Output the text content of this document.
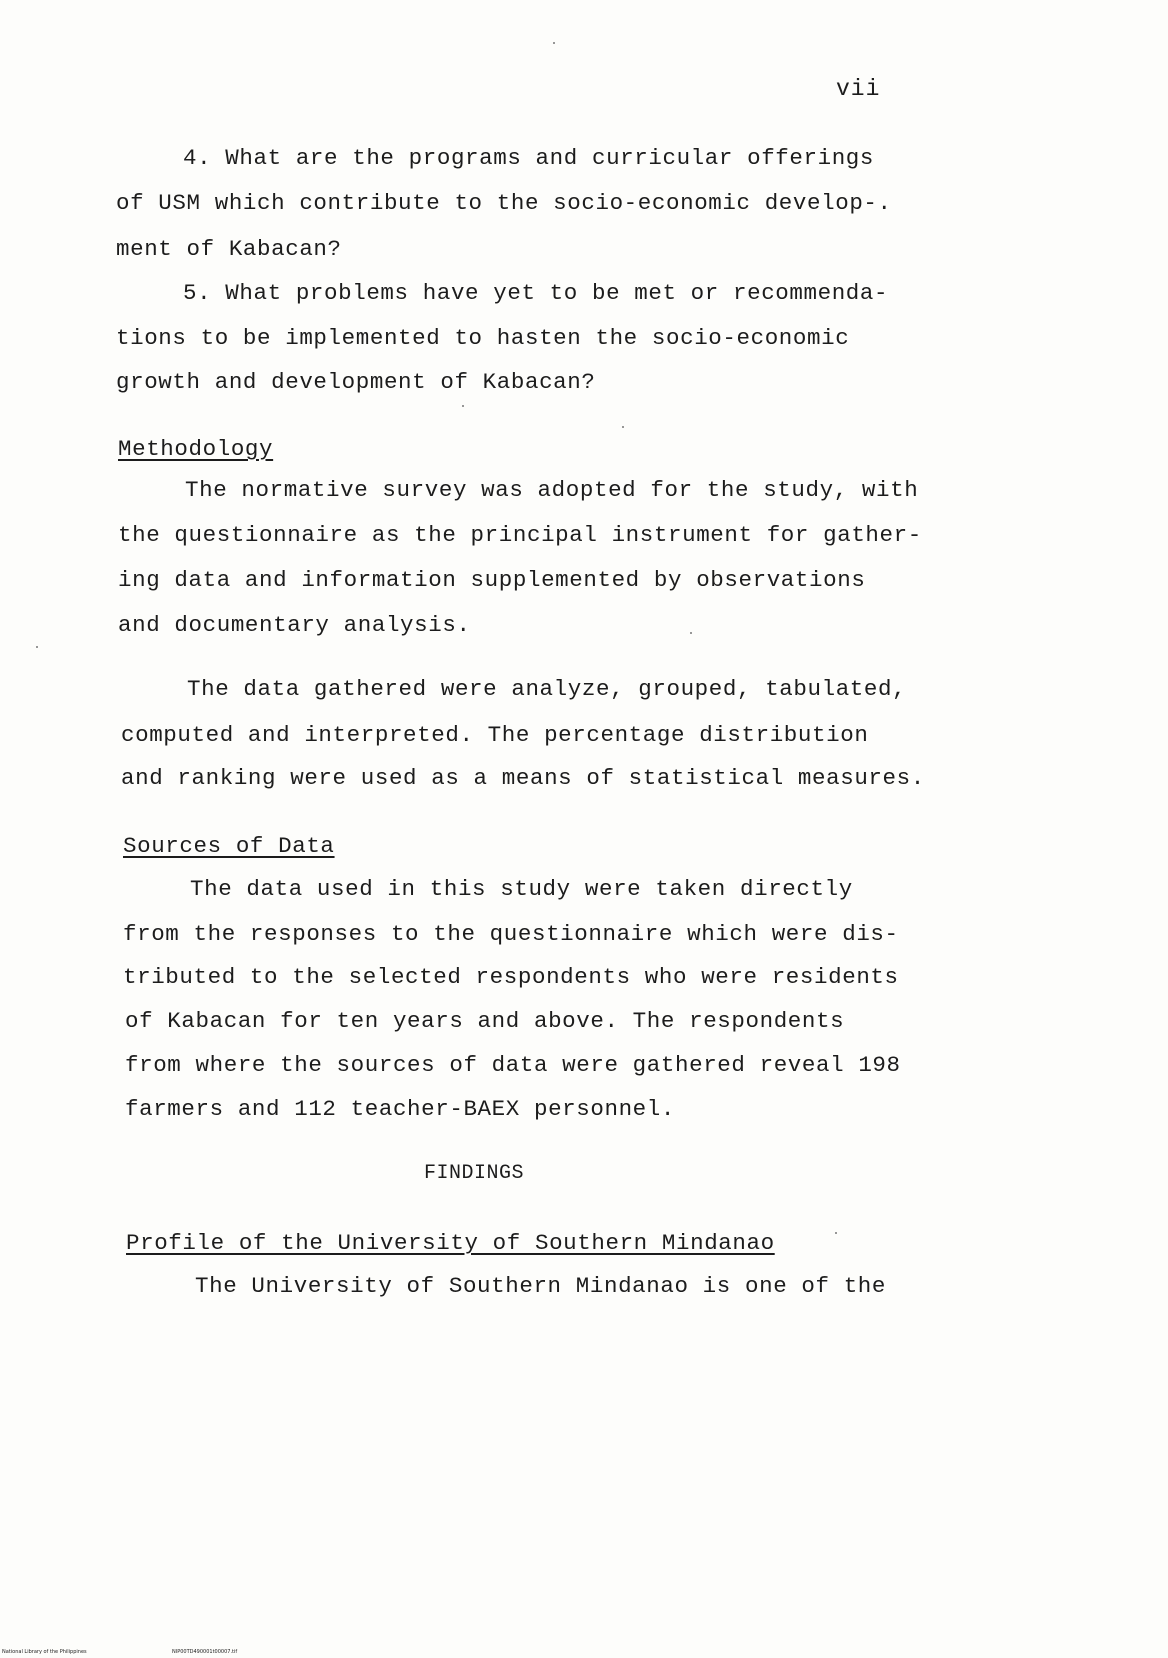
vii
4. What are the programs and curricular offerings
of USM which contribute to the socio-economic develop-.
ment of Kabacan?
5. What problems have yet to be met or recommenda-
tions to be implemented to hasten the socio-economic
growth and development of Kabacan?
Methodology
The normative survey was adopted for the study, with
the questionnaire as the principal instrument for gather-
ing data and information supplemented by observations
and documentary analysis.
The data gathered were analyze, grouped, tabulated,
computed and interpreted. The percentage distribution
and ranking were used as a means of statistical measures.
Sources of Data
The data used in this study were taken directly
from the responses to the questionnaire which were dis-
tributed to the selected respondents who were residents
of Kabacan for ten years and above. The respondents
from where the sources of data were gathered reveal 198
farmers and 112 teacher-BAEX personnel.
FINDINGS
Profile of the University of Southern Mindanao
The University of Southern Mindanao is one of the
National Library of the Philippines	NIP00TD490001t00007.tif
